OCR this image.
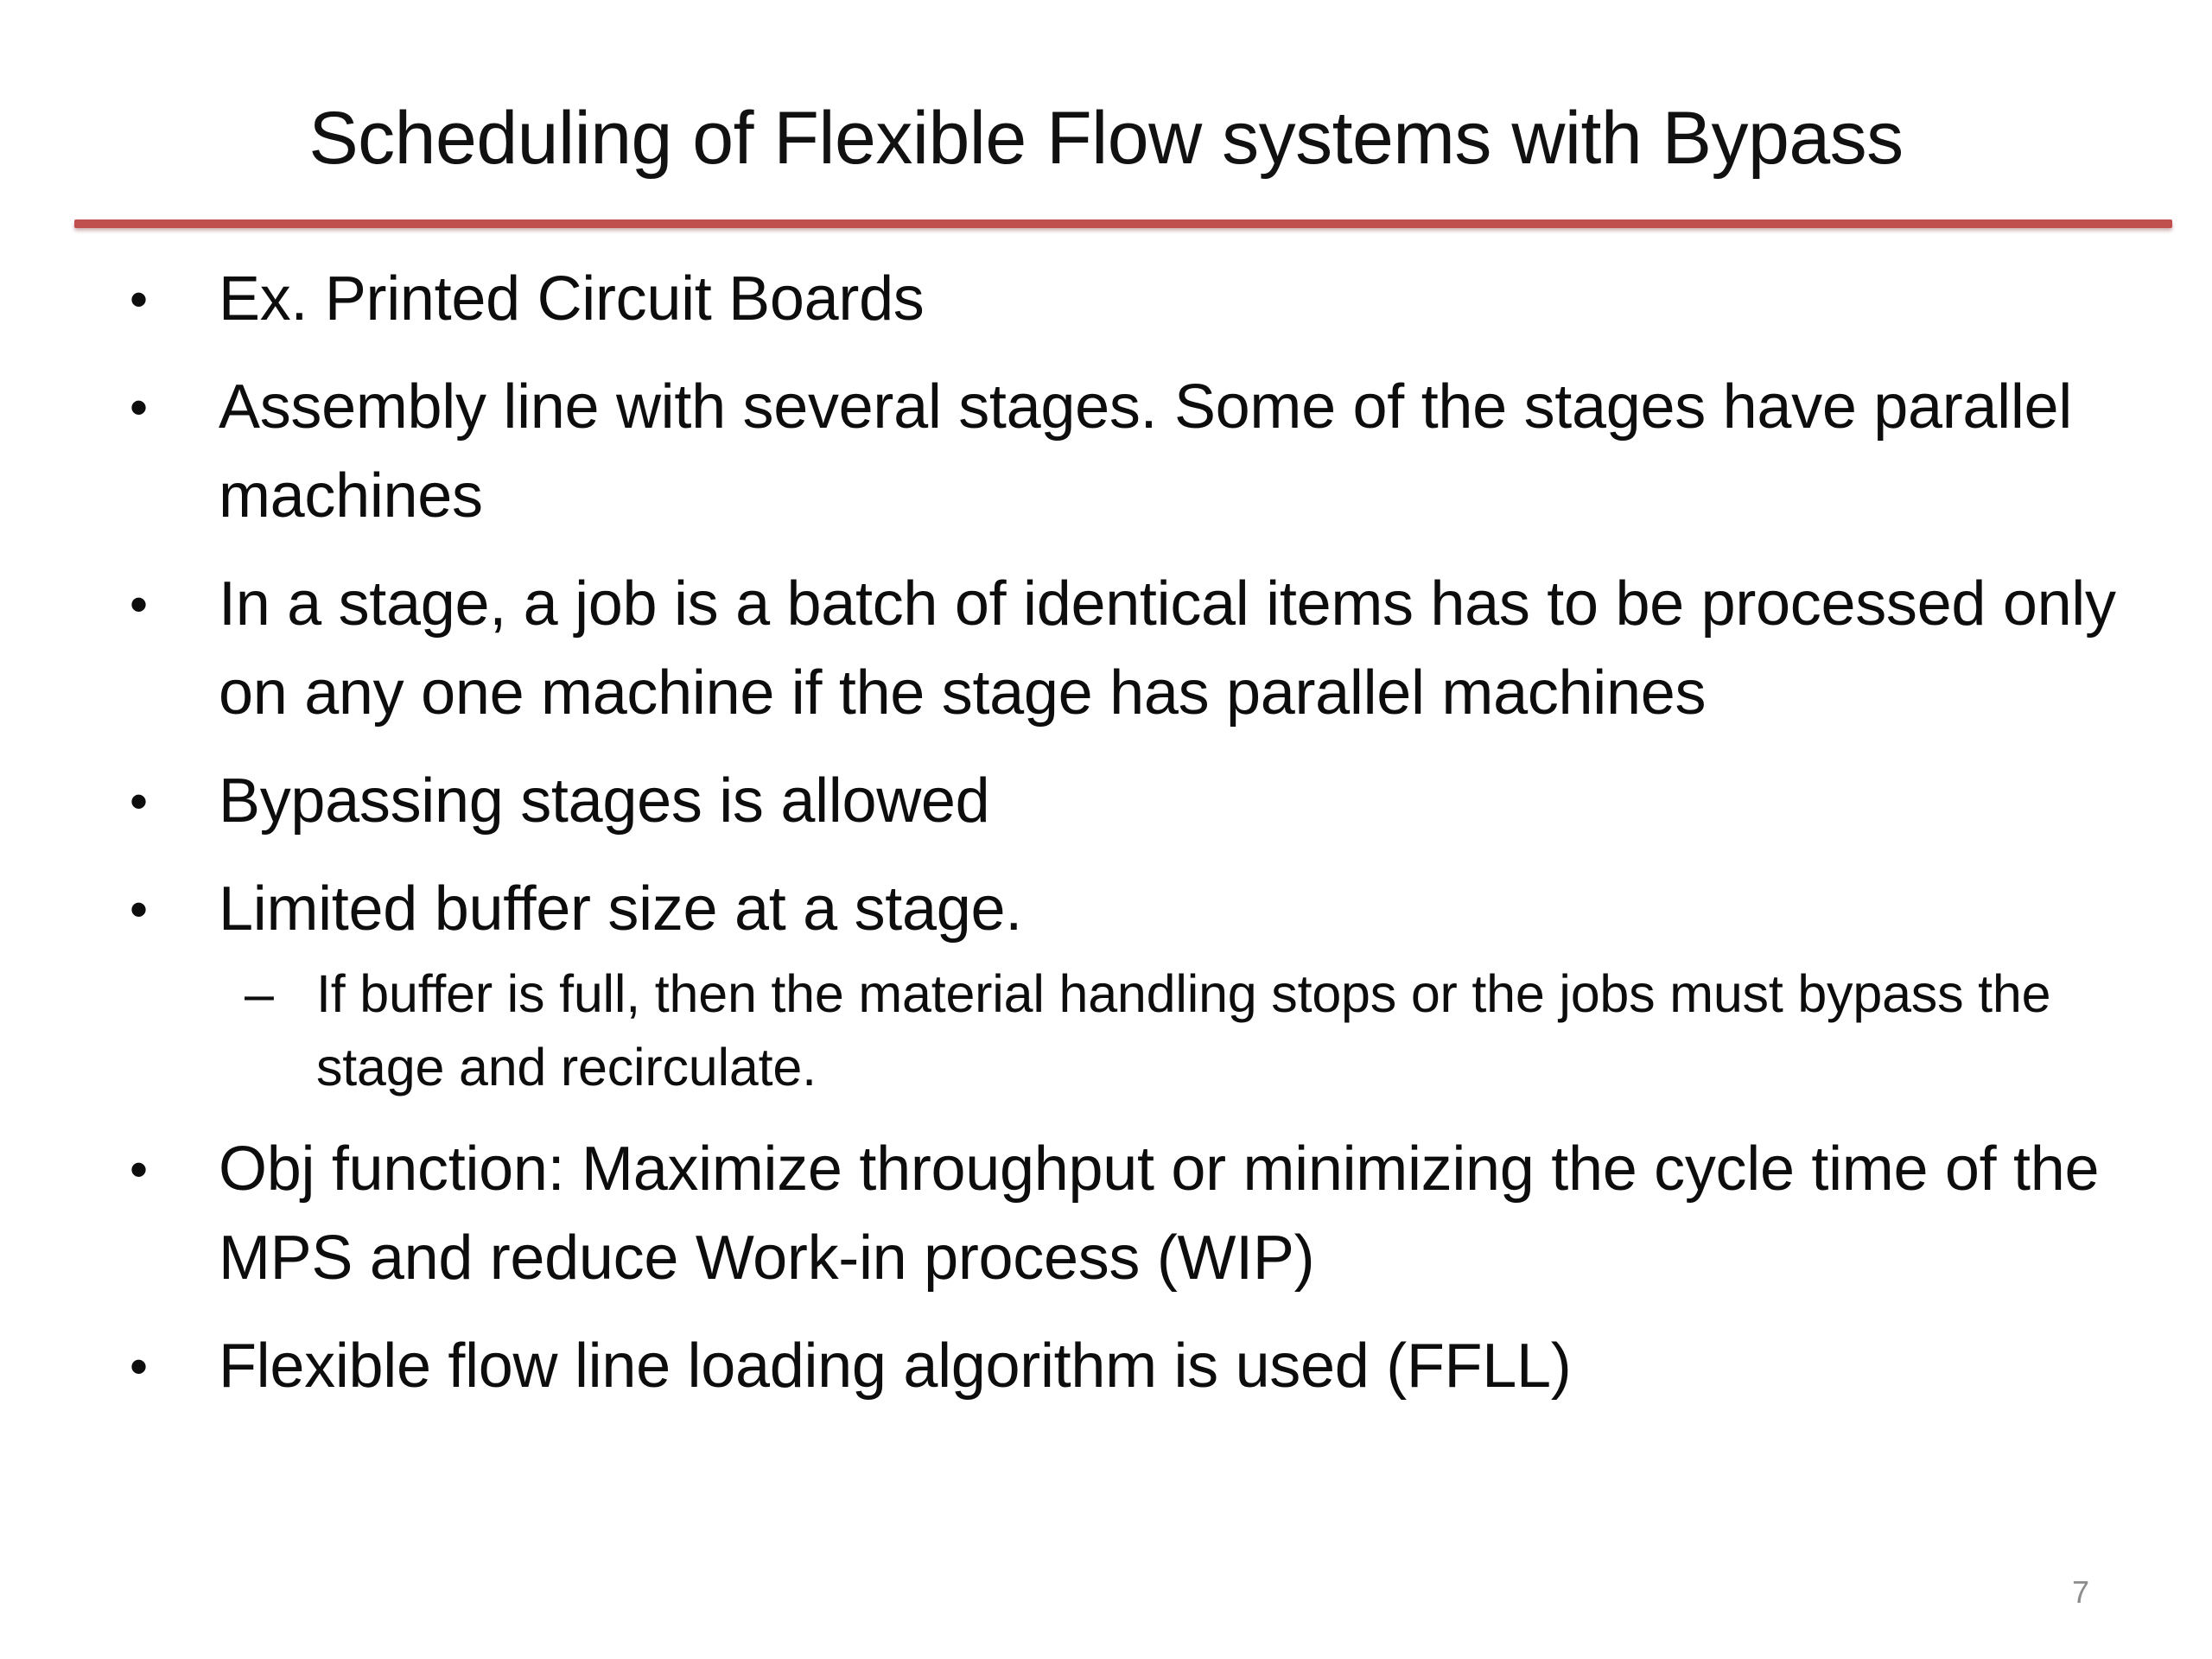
Scheduling of Flexible Flow systems with Bypass
• Ex. Printed Circuit Boards
• Assembly line with several stages. Some of the stages have parallel machines
• In a stage, a job is a batch of identical items has to be processed only on any one machine if the stage has parallel machines
• Bypassing stages is allowed
• Limited buffer size at a stage.
– If buffer is full, then the material handling stops or the jobs must bypass the stage and recirculate.
• Obj function: Maximize throughput or minimizing the cycle time of the MPS and reduce Work-in process (WIP)
• Flexible flow line loading algorithm is used (FFLL)
7
